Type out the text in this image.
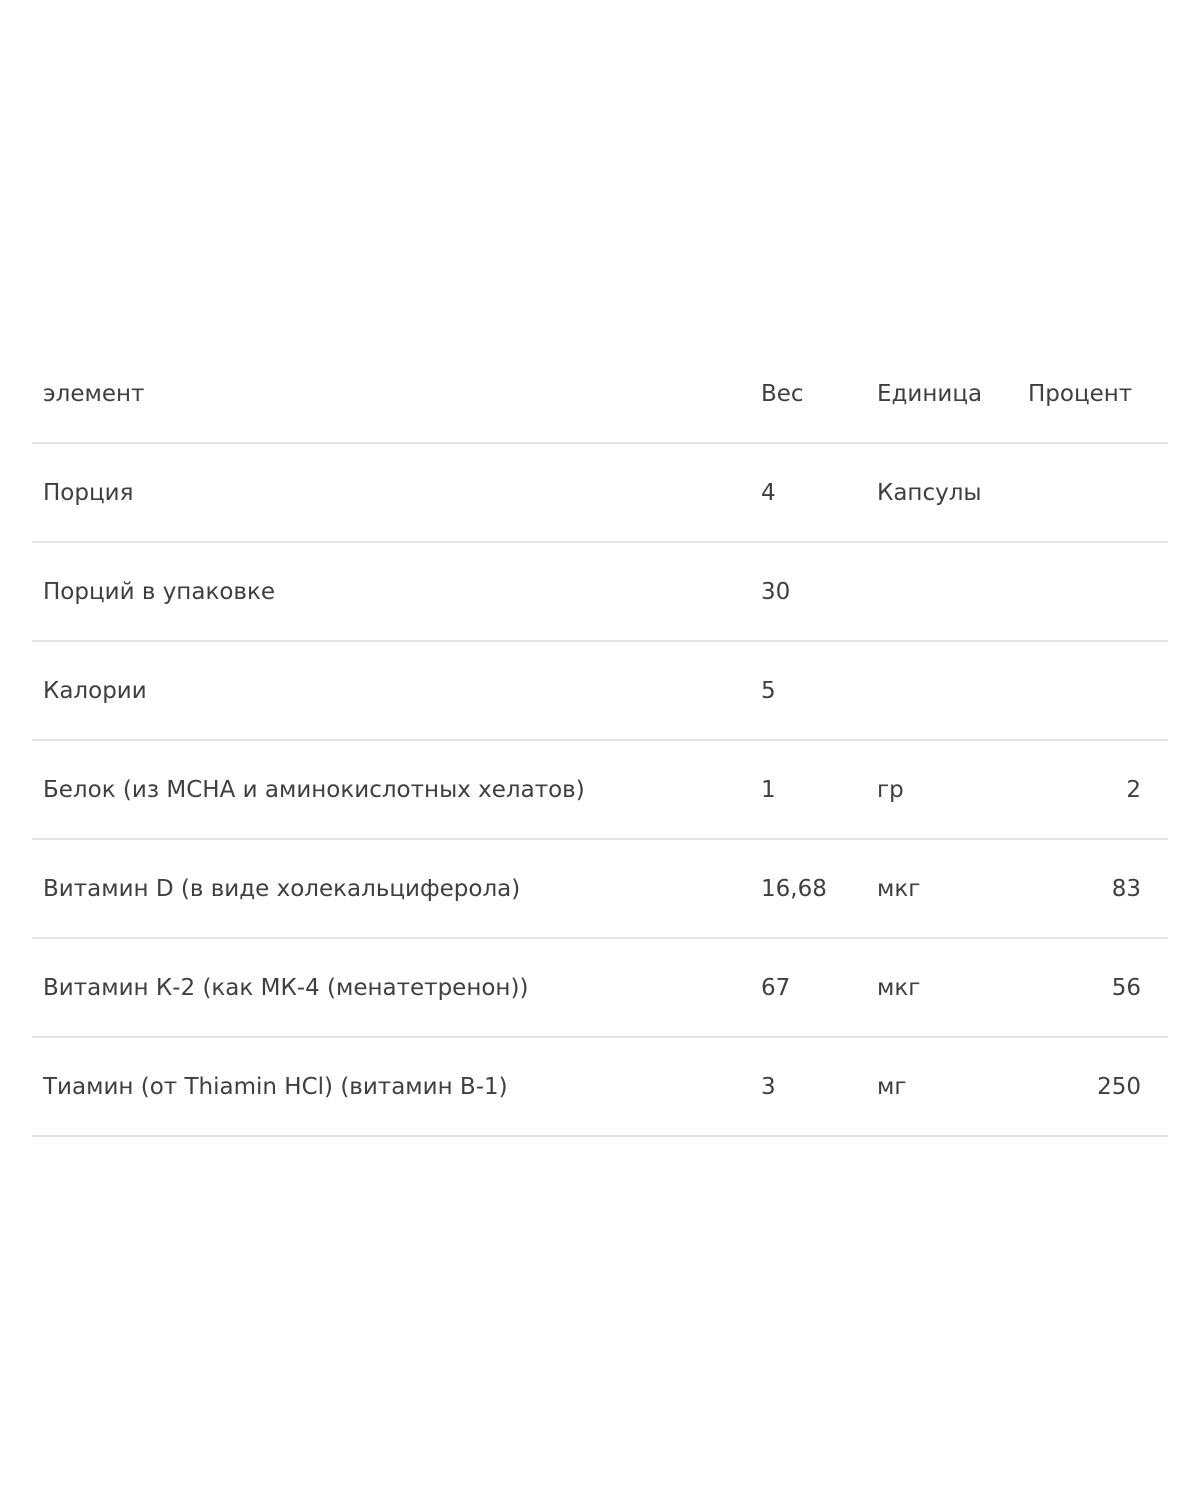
элемент	Вес	Единица	Процент
Порция	4	Капсулы	
Порций в упаковке	30		
Калории	5		
Белок (из MCHA и аминокислотных хелатов)	1	гр	2
Витамин D (в виде холекальциферола)	16,68	мкг	83
Витамин К-2 (как МК-4 (менатетренон))	67	мкг	56
Тиамин (от Thiamin HCl) (витамин B-1)	3	мг	250
